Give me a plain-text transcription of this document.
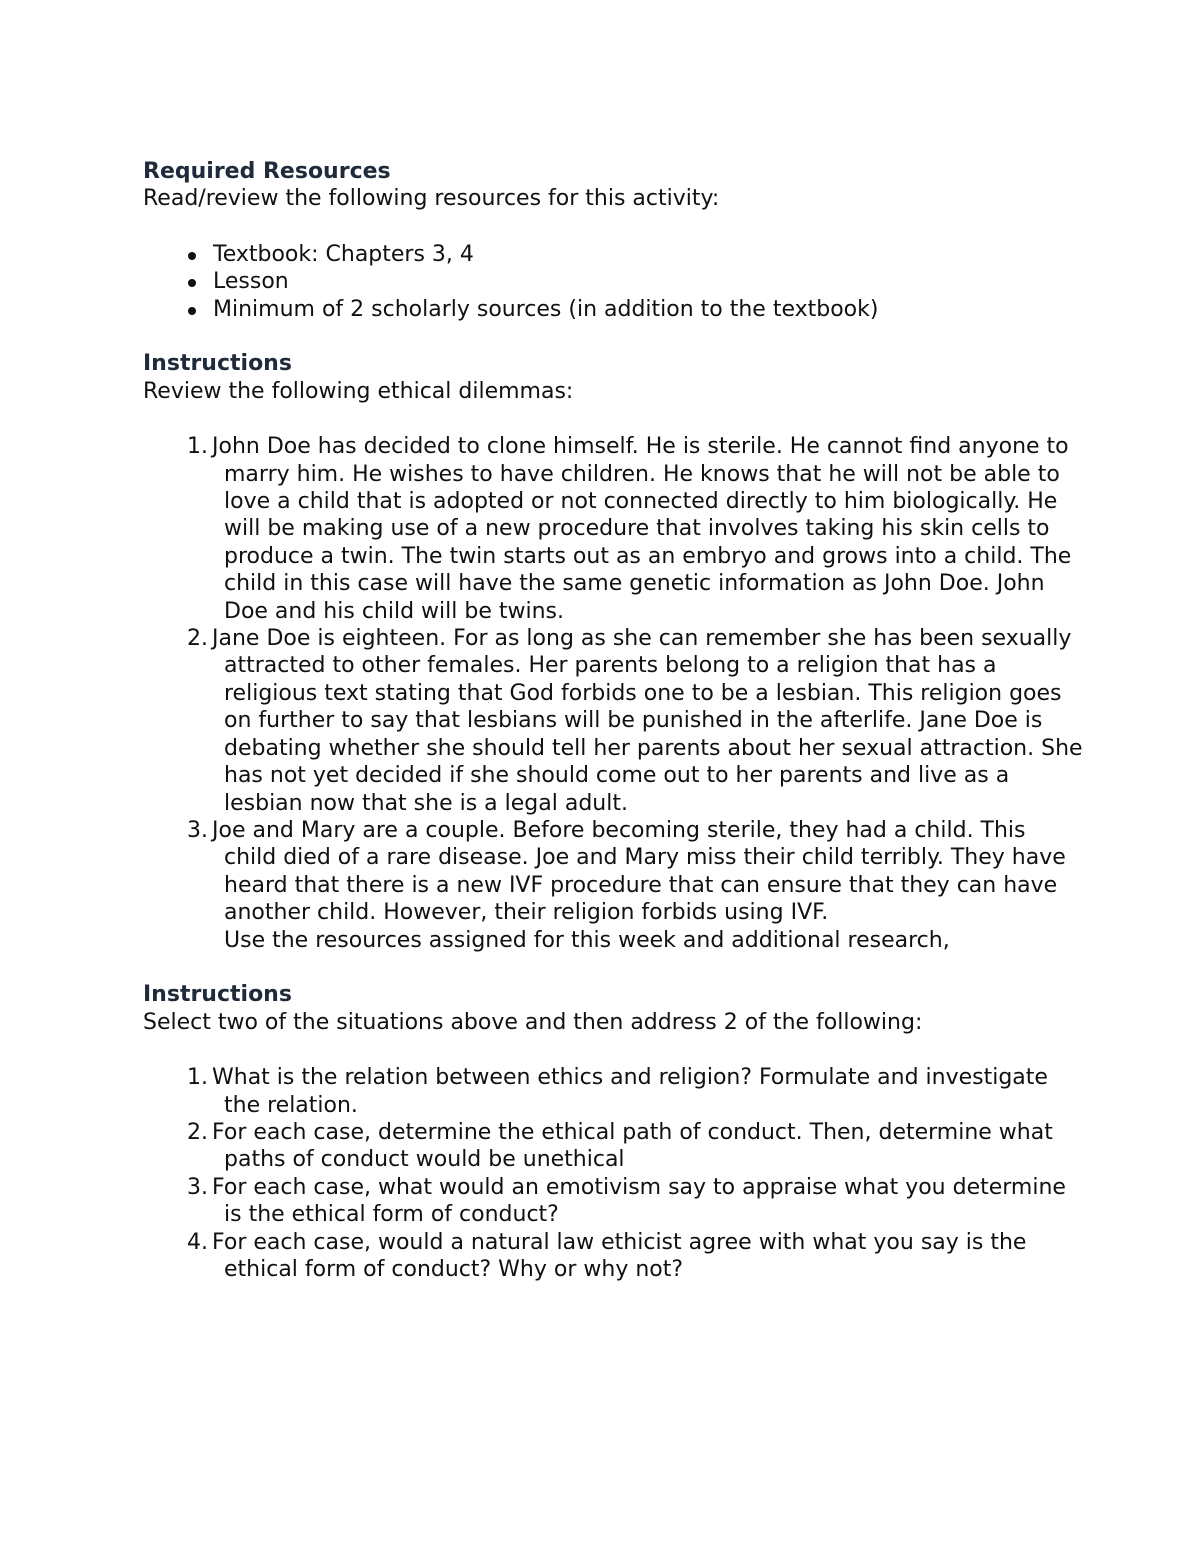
Required Resources

Read/review the following resources for this activity:

Textbook: Chapters 3, 4
Lesson
Minimum of 2 scholarly sources (in addition to the textbook)
Instructions

Review the following ethical dilemmas:

1. John Doe has decided to clone himself. He is sterile. He cannot find anyone to marry him. He wishes to have children. He knows that he will not be able to love a child that is adopted or not connected directly to him biologically. He will be making use of a new procedure that involves taking his skin cells to produce a twin. The twin starts out as an embryo and grows into a child. The child in this case will have the same genetic information as John Doe. John Doe and his child will be twins.
2. Jane Doe is eighteen. For as long as she can remember she has been sexually attracted to other females. Her parents belong to a religion that has a religious text stating that God forbids one to be a lesbian. This religion goes on further to say that lesbians will be punished in the afterlife. Jane Doe is debating whether she should tell her parents about her sexual attraction. She has not yet decided if she should come out to her parents and live as a lesbian now that she is a legal adult.
3. Joe and Mary are a couple. Before becoming sterile, they had a child. This child died of a rare disease. Joe and Mary miss their child terribly. They have heard that there is a new IVF procedure that can ensure that they can have another child. However, their religion forbids using IVF.
Use the resources assigned for this week and additional research,
Instructions

Select two of the situations above and then address 2 of the following:

1. What is the relation between ethics and religion? Formulate and investigate the relation.
2. For each case, determine the ethical path of conduct. Then, determine what paths of conduct would be unethical
3. For each case, what would an emotivism say to appraise what you determine is the ethical form of conduct?
4. For each case, would a natural law ethicist agree with what you say is the ethical form of conduct? Why or why not?
